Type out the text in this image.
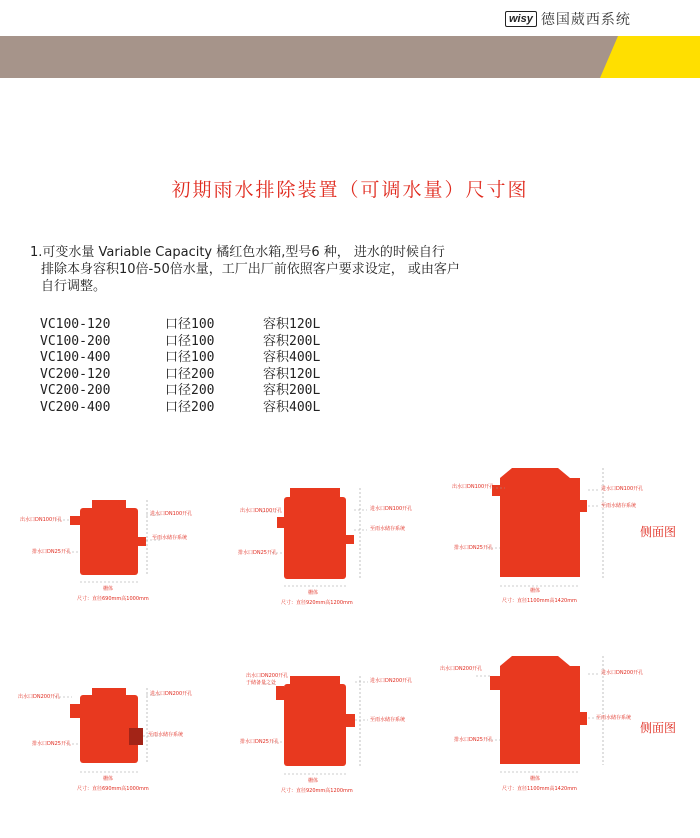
wisy 德国葳西系统
初期雨水排除装置（可调水量）尺寸图
1.可变水量 Variable Capacity 橘红色水箱,型号6 种， 进水的时候自行
排除本身容积10倍-50倍水量，工厂出厂前依照客户要求设定， 或由客户
自行调整。
VC100-120	口径100	容积120L
VC100-200	口径100	容积200L
VC100-400	口径100	容积400L
VC200-120	口径200	容积120L
VC200-200	口径200	容积200L
VC200-400	口径200	容积400L
出水口DN100开孔
进水口DN100开孔
至雨水储存系统
排水口DN25开孔
栅体
尺寸：直径690mm高1000mm
出水口DN100开孔	进水口DN100开孔
至雨水储存系统
排水口DN25开孔
栅体
尺寸：直径920mm高1200mm
出水口DN100开孔	进水口DN100开孔
至雨水储存系统
排水口DN25开孔
栅体
尺寸：直径1100mm高1420mm
侧面图
出水口DN200开孔	进水口DN200开孔
至雨水储存系统
排水口DN25开孔
栅体
尺寸：直径690mm高1000mm
出水口DN200开孔
于储备量之处	进水口DN200开孔
至雨水储存系统
排水口DN25开孔
栅体
尺寸：直径920mm高1200mm
出水口DN200开孔
进水口DN200开孔
至雨水储存系统
排水口DN25开孔
栅体
尺寸：直径1100mm高1420mm
侧面图
